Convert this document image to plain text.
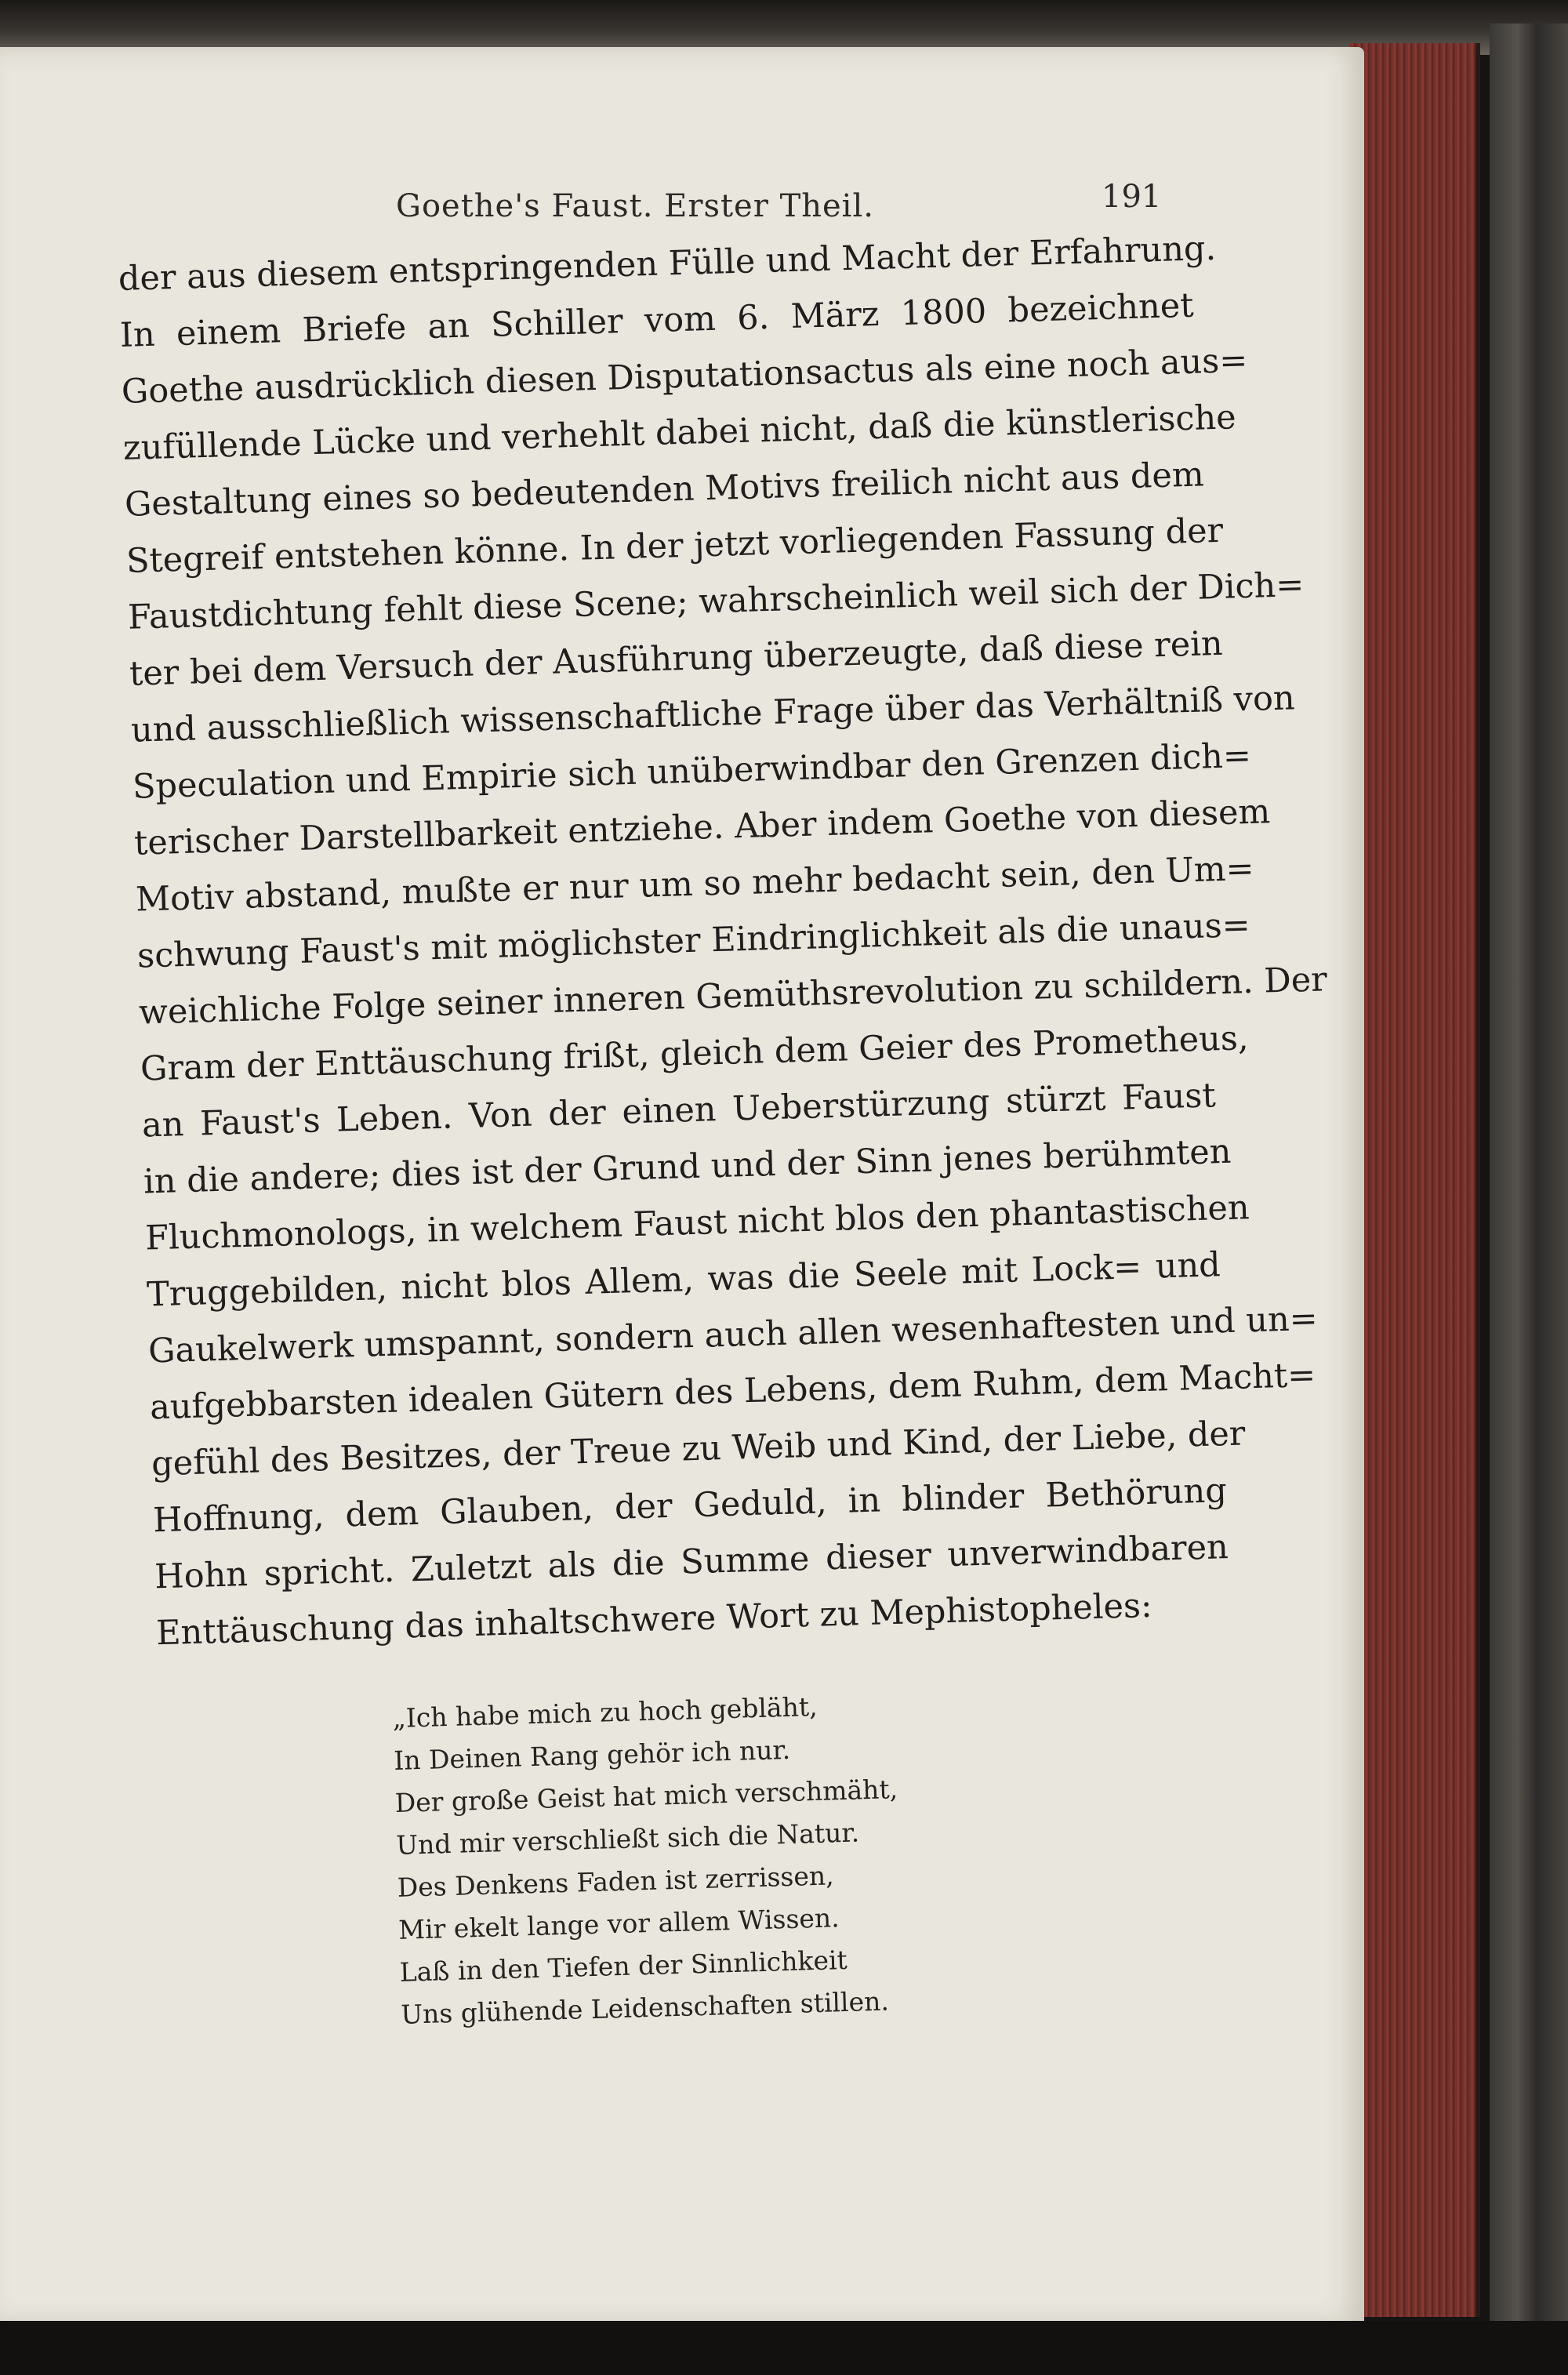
Goethe's Faust. Erster Theil.	191
der aus diesem entspringenden Fülle und Macht der Erfahrung.
In einem Briefe an Schiller vom 6. März 1800 bezeichnet
Goethe ausdrücklich diesen Disputationsactus als eine noch aus=
zufüllende Lücke und verhehlt dabei nicht, daß die künstlerische
Gestaltung eines so bedeutenden Motivs freilich nicht aus dem
Stegreif entstehen könne. In der jetzt vorliegenden Fassung der
Faustdichtung fehlt diese Scene; wahrscheinlich weil sich der Dich=
ter bei dem Versuch der Ausführung überzeugte, daß diese rein
und ausschließlich wissenschaftliche Frage über das Verhältniß von
Speculation und Empirie sich unüberwindbar den Grenzen dich=
terischer Darstellbarkeit entziehe. Aber indem Goethe von diesem
Motiv abstand, mußte er nur um so mehr bedacht sein, den Um=
schwung Faust's mit möglichster Eindringlichkeit als die unaus=
weichliche Folge seiner inneren Gemüthsrevolution zu schildern. Der
Gram der Enttäuschung frißt, gleich dem Geier des Prometheus,
an Faust's Leben. Von der einen Ueberstürzung stürzt Faust
in die andere; dies ist der Grund und der Sinn jenes berühmten
Fluchmonologs, in welchem Faust nicht blos den phantastischen
Truggebilden, nicht blos Allem, was die Seele mit Lock= und
Gaukelwerk umspannt, sondern auch allen wesenhaftesten und un=
aufgebbarsten idealen Gütern des Lebens, dem Ruhm, dem Macht=
gefühl des Besitzes, der Treue zu Weib und Kind, der Liebe, der
Hoffnung, dem Glauben, der Geduld, in blinder Bethörung
Hohn spricht. Zuletzt als die Summe dieser unverwindbaren
Enttäuschung das inhaltschwere Wort zu Mephistopheles:
„Ich habe mich zu hoch gebläht,
In Deinen Rang gehör ich nur.
Der große Geist hat mich verschmäht,
Und mir verschließt sich die Natur.
Des Denkens Faden ist zerrissen,
Mir ekelt lange vor allem Wissen.
Laß in den Tiefen der Sinnlichkeit
Uns glühende Leidenschaften stillen.
